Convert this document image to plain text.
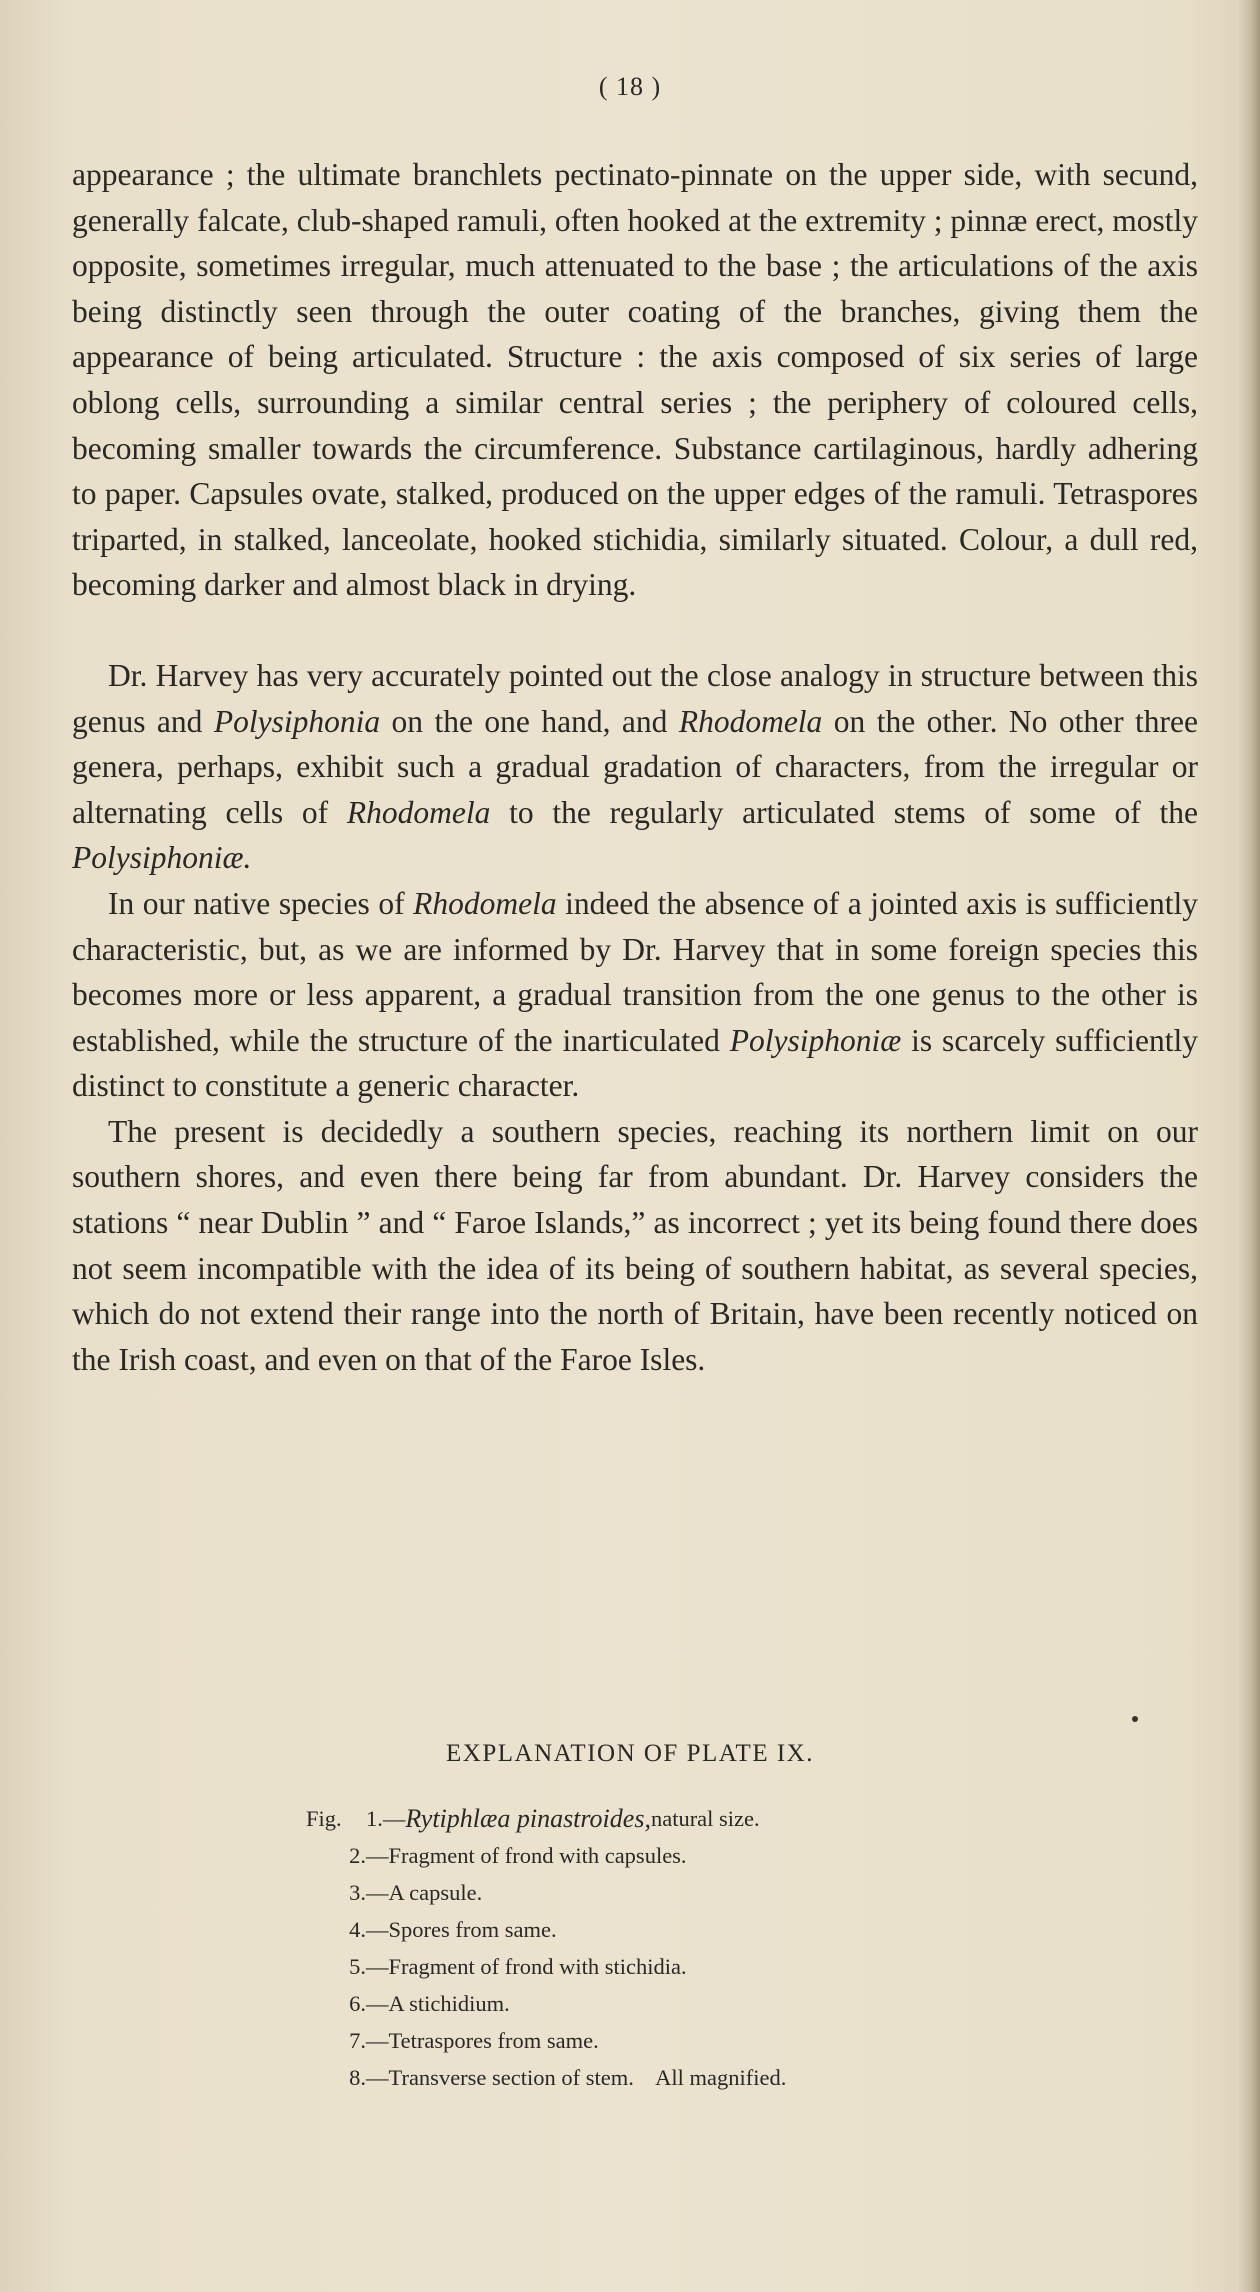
( 18 )

appearance ; the ultimate branchlets pectinato-pinnate on the upper side, with secund, generally falcate, club-shaped ramuli, often hooked at the extremity ; pinnæ erect, mostly opposite, sometimes irregular, much attenuated to the base ; the articulations of the axis being distinctly seen through the outer coating of the branches, giving them the appearance of being articulated. Structure : the axis composed of six series of large oblong cells, surrounding a similar central series ; the periphery of coloured cells, becoming smaller towards the circumference. Substance cartilaginous, hardly adhering to paper. Capsules ovate, stalked, produced on the upper edges of the ramuli. Tetraspores triparted, in stalked, lanceolate, hooked stichidia, similarly situated. Colour, a dull red, becoming darker and almost black in drying.

Dr. Harvey has very accurately pointed out the close analogy in structure between this genus and Polysiphonia on the one hand, and Rhodomela on the other. No other three genera, perhaps, exhibit such a gradual gradation of characters, from the irregular or alternating cells of Rhodomela to the regularly articulated stems of some of the Polysiphoniæ.

In our native species of Rhodomela indeed the absence of a jointed axis is sufficiently characteristic, but, as we are informed by Dr. Harvey that in some foreign species this becomes more or less apparent, a gradual transition from the one genus to the other is established, while the structure of the inarticulated Polysiphoniæ is scarcely sufficiently distinct to constitute a generic character.

The present is decidedly a southern species, reaching its northern limit on our southern shores, and even there being far from abundant. Dr. Harvey considers the stations “ near Dublin ” and “ Faroe Islands,” as incorrect ; yet its being found there does not seem incompatible with the idea of its being of southern habitat, as several species, which do not extend their range into the north of Britain, have been recently noticed on the Irish coast, and even on that of the Faroe Isles.

EXPLANATION OF PLATE IX.
Fig.	1. — Rytiphlæa pinastroides, natural size.
2. —Fragment of frond with capsules.
3. —A capsule.
4. —Spores from same.
5. —Fragment of frond with stichidia.
6. —A stichidium.
7. —Tetraspores from same.
8. —Transverse section of stem.    All magnified.
